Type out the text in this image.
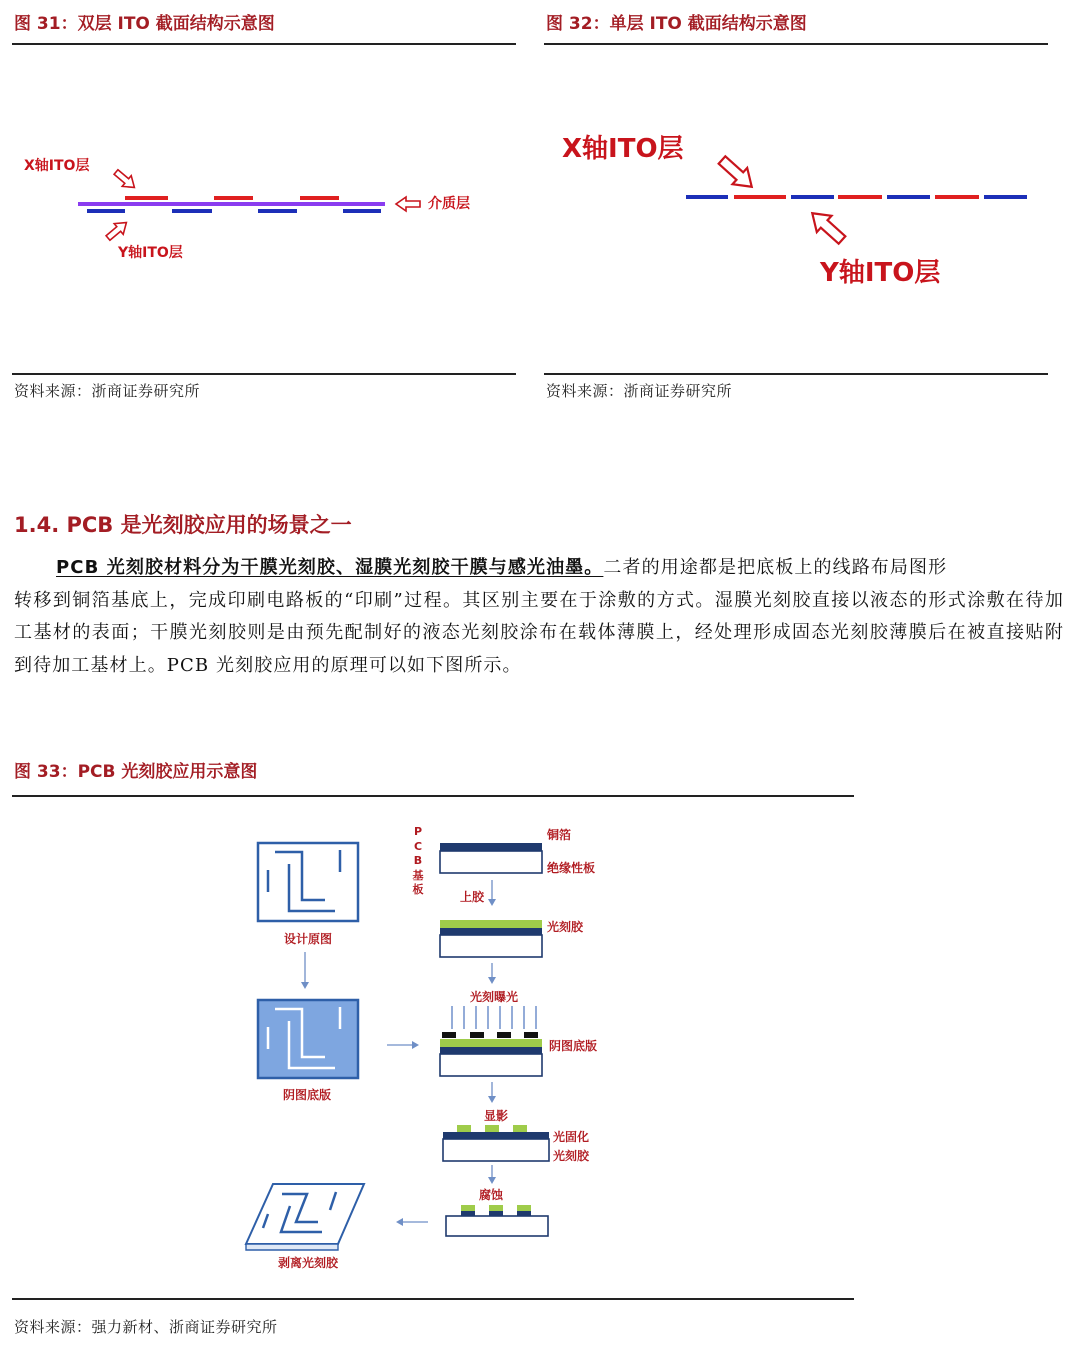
图 31：双层 ITO 截面结构示意图
X轴ITO层
Y轴ITO层
介质层
资料来源：浙商证券研究所
图 32：单层 ITO 截面结构示意图
X轴ITO层
Y轴ITO层
资料来源：浙商证券研究所
1.4. PCB 是光刻胶应用的场景之一

PCB 光刻胶材料分为干膜光刻胶、湿膜光刻胶干膜与感光油墨。二者的用途都是把底板上的线路布局图形

转移到铜箔基底上，完成印刷电路板的“印刷”过程。其区别主要在于涂敷的方式。湿膜光刻胶直接以液态的形式涂敷在待加工基材的表面；干膜光刻胶则是由预先配制好的液态光刻胶涂布在载体薄膜上，经处理形成固态光刻胶薄膜后在被直接贴附到待加工基材上。PCB 光刻胶应用的原理可以如下图所示。

图 33：PCB 光刻胶应用示意图
设计原图
阴图底版
剥离光刻胶
P
C
B
基
板
铜箔
绝缘性板
上胶
光刻胶
光刻曝光
阴图底版
显影
光固化
光刻胶
腐蚀
资料来源：强力新材、浙商证券研究所
